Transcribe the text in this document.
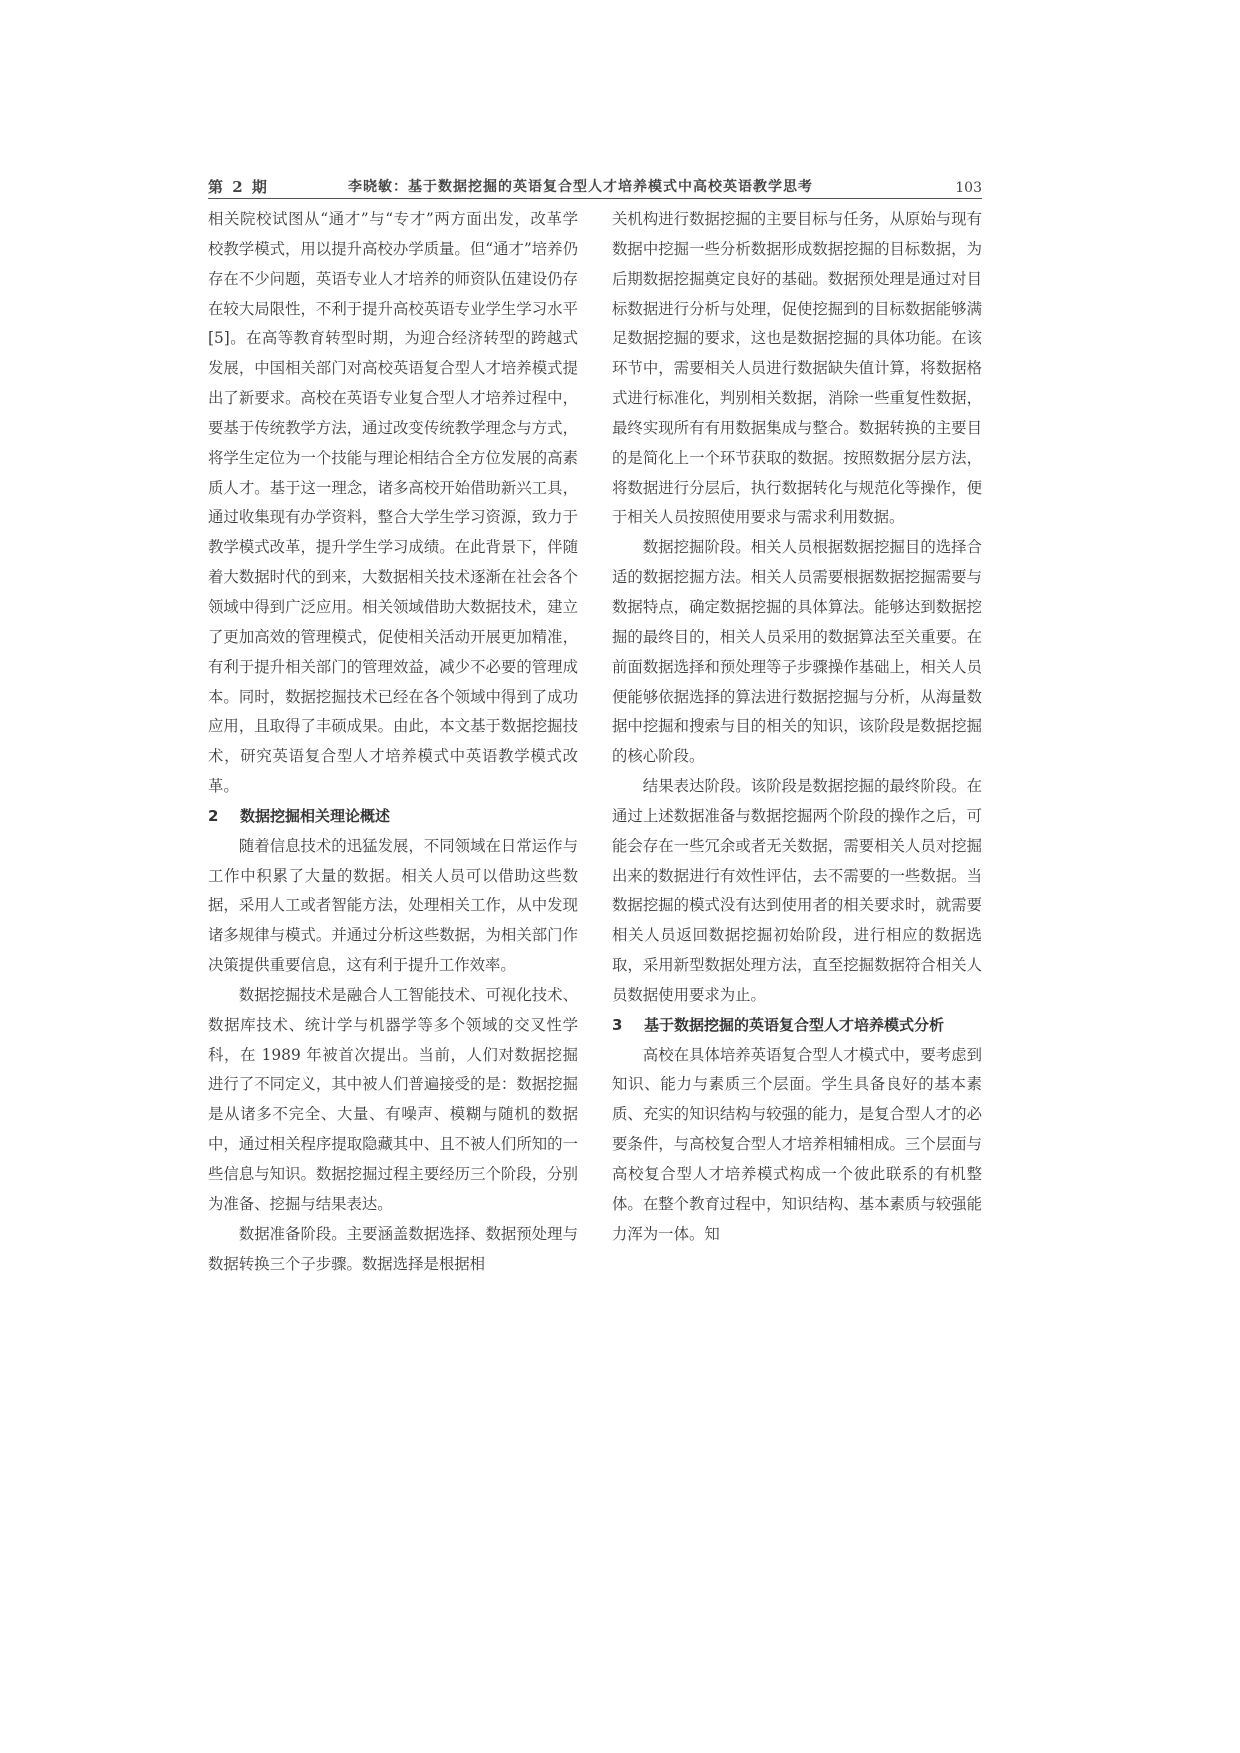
第 2 期	李晓敏：基于数据挖掘的英语复合型人才培养模式中高校英语教学思考	103

相关院校试图从“通才”与“专才”两方面出发，改革学校教学模式，用以提升高校办学质量。但“通才”培养仍存在不少问题，英语专业人才培养的师资队伍建设仍存在较大局限性，不利于提升高校英语专业学生学习水平[5]。在高等教育转型时期，为迎合经济转型的跨越式发展，中国相关部门对高校英语复合型人才培养模式提出了新要求。高校在英语专业复合型人才培养过程中，要基于传统教学方法，通过改变传统教学理念与方式，将学生定位为一个技能与理论相结合全方位发展的高素质人才。基于这一理念，诸多高校开始借助新兴工具，通过收集现有办学资料，整合大学生学习资源，致力于教学模式改革，提升学生学习成绩。在此背景下，伴随着大数据时代的到来，大数据相关技术逐渐在社会各个领域中得到广泛应用。相关领域借助大数据技术，建立了更加高效的管理模式，促使相关活动开展更加精准，有利于提升相关部门的管理效益，减少不必要的管理成本。同时，数据挖掘技术已经在各个领域中得到了成功应用，且取得了丰硕成果。由此，本文基于数据挖掘技术，研究英语复合型人才培养模式中英语教学模式改革。

2 数据挖掘相关理论概述

随着信息技术的迅猛发展，不同领域在日常运作与工作中积累了大量的数据。相关人员可以借助这些数据，采用人工或者智能方法，处理相关工作，从中发现诸多规律与模式。并通过分析这些数据，为相关部门作决策提供重要信息，这有利于提升工作效率。

数据挖掘技术是融合人工智能技术、可视化技术、数据库技术、统计学与机器学等多个领域的交叉性学科，在 1989 年被首次提出。当前，人们对数据挖掘进行了不同定义，其中被人们普遍接受的是：数据挖掘是从诸多不完全、大量、有噪声、模糊与随机的数据中，通过相关程序提取隐藏其中、且不被人们所知的一些信息与知识。数据挖掘过程主要经历三个阶段，分别为准备、挖掘与结果表达。

数据准备阶段。主要涵盖数据选择、数据预处理与数据转换三个子步骤。数据选择是根据相

关机构进行数据挖掘的主要目标与任务，从原始与现有数据中挖掘一些分析数据形成数据挖掘的目标数据，为后期数据挖掘奠定良好的基础。数据预处理是通过对目标数据进行分析与处理，促使挖掘到的目标数据能够满足数据挖掘的要求，这也是数据挖掘的具体功能。在该环节中，需要相关人员进行数据缺失值计算，将数据格式进行标准化，判别相关数据，消除一些重复性数据，最终实现所有有用数据集成与整合。数据转换的主要目的是简化上一个环节获取的数据。按照数据分层方法，将数据进行分层后，执行数据转化与规范化等操作，便于相关人员按照使用要求与需求利用数据。

数据挖掘阶段。相关人员根据数据挖掘目的选择合适的数据挖掘方法。相关人员需要根据数据挖掘需要与数据特点，确定数据挖掘的具体算法。能够达到数据挖掘的最终目的，相关人员采用的数据算法至关重要。在前面数据选择和预处理等子步骤操作基础上，相关人员便能够依据选择的算法进行数据挖掘与分析，从海量数据中挖掘和搜索与目的相关的知识，该阶段是数据挖掘的核心阶段。

结果表达阶段。该阶段是数据挖掘的最终阶段。在通过上述数据准备与数据挖掘两个阶段的操作之后，可能会存在一些冗余或者无关数据，需要相关人员对挖掘出来的数据进行有效性评估，去不需要的一些数据。当数据挖掘的模式没有达到使用者的相关要求时，就需要相关人员返回数据挖掘初始阶段，进行相应的数据选取，采用新型数据处理方法，直至挖掘数据符合相关人员数据使用要求为止。

3 基于数据挖掘的英语复合型人才培养模式分析

高校在具体培养英语复合型人才模式中，要考虑到知识、能力与素质三个层面。学生具备良好的基本素质、充实的知识结构与较强的能力，是复合型人才的必要条件，与高校复合型人才培养相辅相成。三个层面与高校复合型人才培养模式构成一个彼此联系的有机整体。在整个教育过程中，知识结构、基本素质与较强能力浑为一体。知
